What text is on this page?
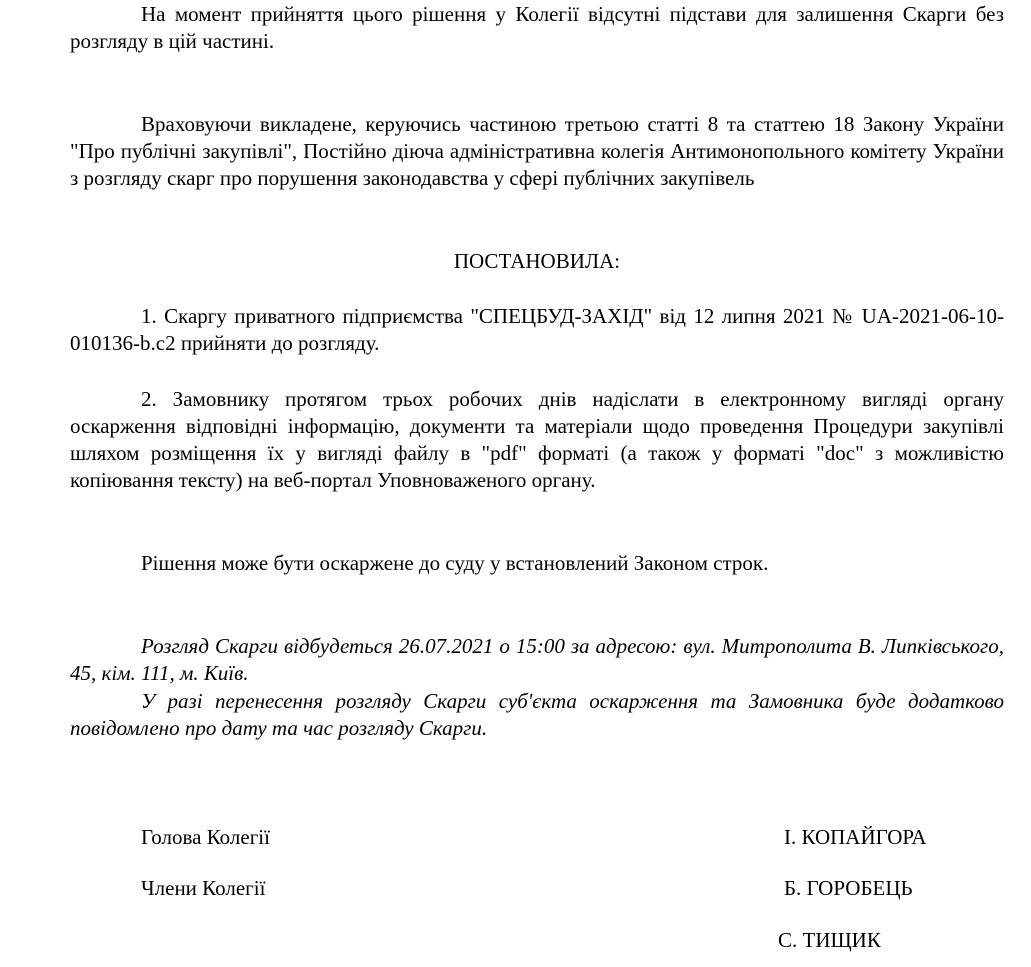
На момент прийняття цього рішення у Колегії відсутні підстави для залишення Скарги без розгляду в цій частині.

Враховуючи викладене, керуючись частиною третьою статті 8 та статтею 18 Закону України "Про публічні закупівлі", Постійно діюча адміністративна колегія Антимонопольного комітету України з розгляду скарг про порушення законодавства у сфері публічних закупівель

ПОСТАНОВИЛА:

1. Скаргу приватного підприємства "СПЕЦБУД-ЗАХІД" від 12 липня 2021 № UA-2021-06-10-010136-b.c2 прийняти до розгляду.

2. Замовнику протягом трьох робочих днів надіслати в електронному вигляді органу оскарження відповідні інформацію, документи та матеріали щодо проведення Процедури закупівлі шляхом розміщення їх у вигляді файлу в "pdf" форматі (а також у форматі "doc" з можливістю копіювання тексту) на веб-портал Уповноваженого органу.

Рішення може бути оскаржене до суду у встановлений Законом строк.

Розгляд Скарги відбудеться 26.07.2021 о 15:00 за адресою: вул. Митрополита В. Липківського, 45, кім. 111, м. Київ.

У разі перенесення розгляду Скарги суб'єкта оскарження та Замовника буде додатково повідомлено про дату та час розгляду Скарги.

Голова Колегії	І. КОПАЙГОРА

Члени Колегії	Б. ГОРОБЕЦЬ

С. ТИЩИК
